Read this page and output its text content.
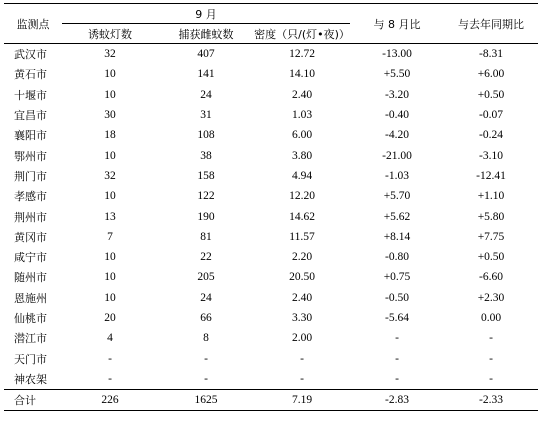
监测点	9 月			与 8 月比	与去年同期比
	诱蚊灯数	捕获雌蚊数	密度（只/(灯•夜)）		
武汉市	32	407	12.72	-13.00	-8.31
黄石市	10	141	14.10	+5.50	+6.00
十堰市	10	24	2.40	-3.20	+0.50
宜昌市	30	31	1.03	-0.40	-0.07
襄阳市	18	108	6.00	-4.20	-0.24
鄂州市	10	38	3.80	-21.00	-3.10
荆门市	32	158	4.94	-1.03	-12.41
孝感市	10	122	12.20	+5.70	+1.10
荆州市	13	190	14.62	+5.62	+5.80
黄冈市	7	81	11.57	+8.14	+7.75
咸宁市	10	22	2.20	-0.80	+0.50
随州市	10	205	20.50	+0.75	-6.60
恩施州	10	24	2.40	-0.50	+2.30
仙桃市	20	66	3.30	-5.64	0.00
潜江市	4	8	2.00	-	-
天门市	-	-	-	-	-
神农架	-	-	-	-	-
合计	226	1625	7.19	-2.83	-2.33
